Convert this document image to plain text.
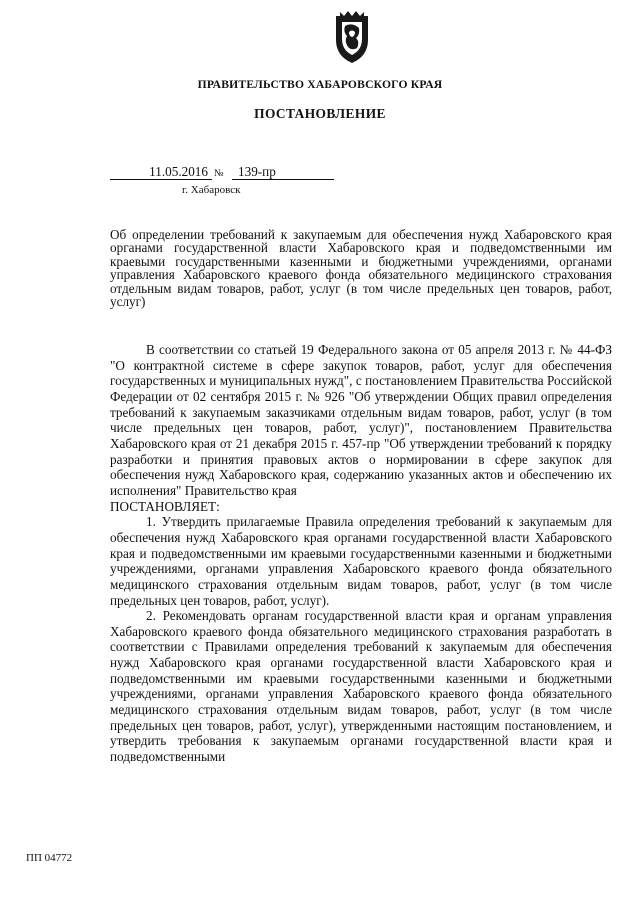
ПРАВИТЕЛЬСТВО ХАБАРОВСКОГО КРАЯ
ПОСТАНОВЛЕНИЕ
11.05.2016 №	139-пр
г. Хабаровск
Об определении требований к закупаемым для обеспечения нужд Хабаровского края органами государственной власти Хабаровского края и подведомственными им краевыми государственными казенными и бюджетными учреждениями, органами управления Хабаровского краевого фонда обязательного медицинского страхования отдельным видам товаров, работ, услуг (в том числе предельных цен товаров, работ, услуг)

В соответствии со статьей 19 Федерального закона от 05 апреля 2013 г. № 44-ФЗ "О контрактной системе в сфере закупок товаров, работ, услуг для обеспечения государственных и муниципальных нужд", с постановлением Правительства Российской Федерации от 02 сентября 2015 г. № 926 "Об утверждении Общих правил определения требований к закупаемым заказчиками отдельным видам товаров, работ, услуг (в том числе предельных цен товаров, работ, услуг)", постановлением Правительства Хабаровского края от 21 декабря 2015 г. 457-пр "Об утверждении требований к порядку разработки и принятия правовых актов о нормировании в сфере закупок для обеспечения нужд Хабаровского края, содержанию указанных актов и обеспечению их исполнения" Правительство края

ПОСТАНОВЛЯЕТ:

1. Утвердить прилагаемые Правила определения требований к закупаемым для обеспечения нужд Хабаровского края органами государственной власти Хабаровского края и подведомственными им краевыми государственными казенными и бюджетными учреждениями, органами управления Хабаровского краевого фонда обязательного медицинского страхования отдельным видам товаров, работ, услуг (в том числе предельных цен товаров, работ, услуг).

2. Рекомендовать органам государственной власти края и органам управления Хабаровского краевого фонда обязательного медицинского страхования разработать в соответствии с Правилами определения требований к закупаемым для обеспечения нужд Хабаровского края органами государственной власти Хабаровского края и подведомственными им краевыми государственными казенными и бюджетными учреждениями, органами управления Хабаровского краевого фонда обязательного медицинского страхования отдельным видам товаров, работ, услуг (в том числе предельных цен товаров, работ, услуг), утвержденными настоящим постановлением, и утвердить требования к закупаемым органами государственной власти края и подведомственными

ПП 04772
